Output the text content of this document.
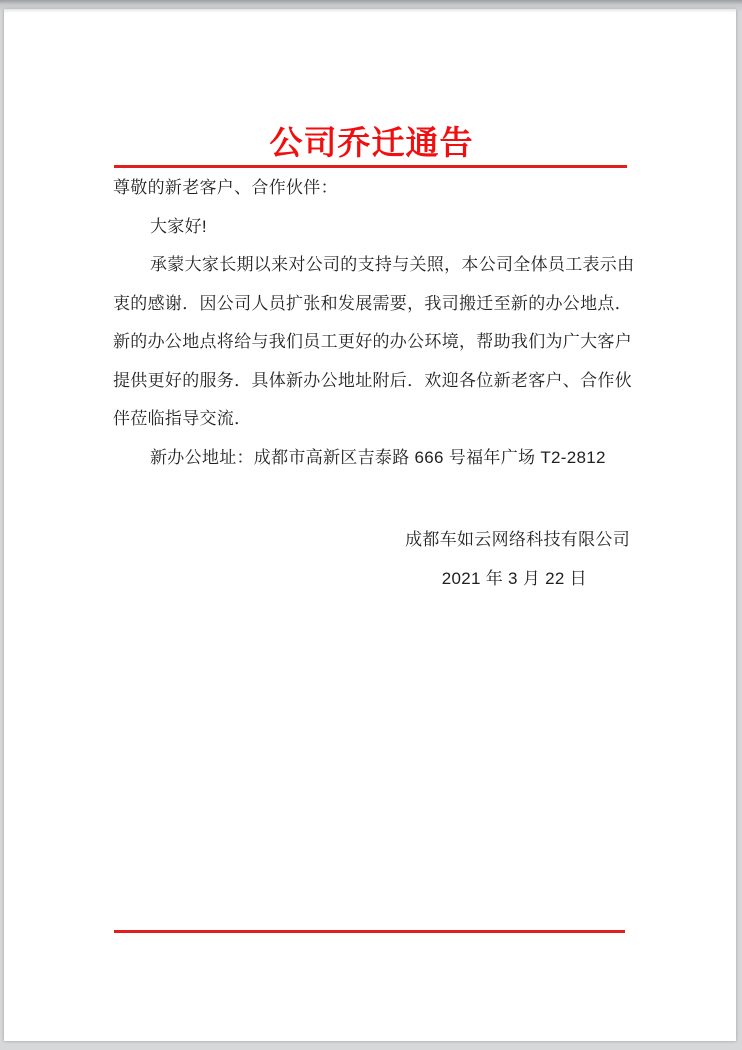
公司乔迁通告
尊敬的新老客户、合作伙伴：
大家好!
承蒙大家长期以来对公司的支持与关照，本公司全体员工表示由
衷的感谢．因公司人员扩张和发展需要，我司搬迁至新的办公地点．
新的办公地点将给与我们员工更好的办公环境，帮助我们为广大客户
提供更好的服务．具体新办公地址附后．欢迎各位新老客户、合作伙
伴莅临指导交流．
新办公地址：成都市高新区吉泰路 666 号福年广场 T2-2812
成都车如云网络科技有限公司
2021 年 3 月 22 日
